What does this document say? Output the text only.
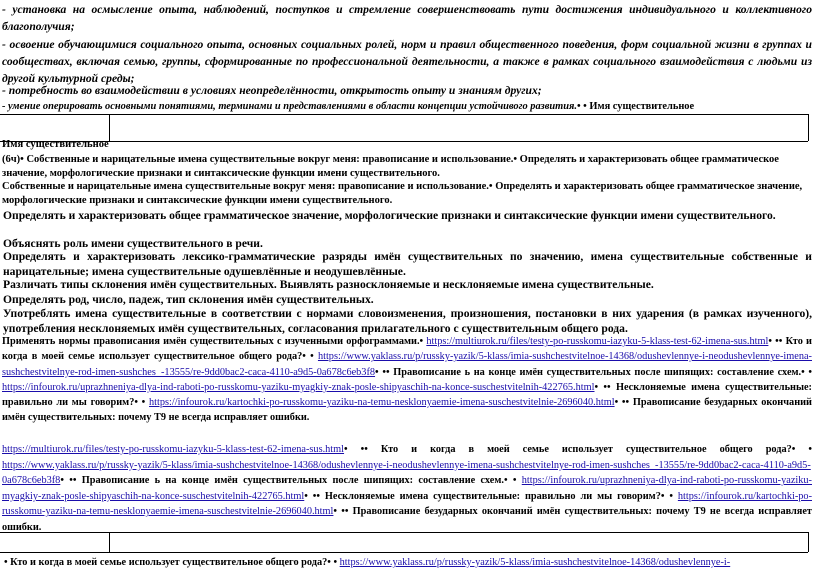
- установка на осмысление опыта, наблюдений, поступков и стремление совершенствовать пути достижения индивидуального и коллективного благополучия;
- освоение обучающимися социального опыта, основных социальных ролей, норм и правил общественного поведения, форм социальной жизни в группах и сообществах, включая семью, группы, сформированные по профессиональной деятельности, а также в рамках социального взаимодействия с людьми из другой культурной среды;
- потребность во взаимодействии в условиях неопределённости, открытость опыту и знаниям других;
- умение оперировать основными понятиями, терминами и представлениями в области концепции устойчивого развития.• • Имя существительное
Имя существительное
(6ч)• Собственные и нарицательные имена существительные вокруг меня: правописание и использование.• Определять и характеризовать общее грамматическое значение, морфологические признаки и синтаксические функции имени существительного.
Собственные и нарицательные имена существительные вокруг меня: правописание и использование.• Определять и характеризовать общее грамматическое значение, морфологические признаки и синтаксические функции имени существительного.
Определять и характеризовать общее грамматическое значение, морфологические признаки и синтаксические функции имени существительного.
Объяснять роль имени существительного в речи.
Определять и характеризовать лексико-грамматические разряды имён существительных по значению, имена существительные собственные и нарицательные; имена существительные одушевлённые и неодушевлённые.
Различать типы склонения имён существительных. Выявлять разносклоняемые и несклоняемые имена существительные.
Определять род, число, падеж, тип склонения имён существительных.
Употреблять имена существительные в соответствии с нормами словоизменения, произношения, постановки в них ударения (в рамках изученного), употребления несклоняемых имён существительных, согласования прилагательного с существительным общего рода.
Применять нормы правописания имён существительных с изученными орфограммами.• https://multiurok.ru/files/testy-po-russkomu-iazyku-5-klass-test-62-imena-sus.html• •• Кто и когда в моей семье использует существительное общего рода?• • https://www.yaklass.ru/p/russky-yazik/5-klass/imia-sushchestvitelnoe-14368/odushevlennye-i-neodushevlennye-imena-sushchestvitelnye-rod-imen-sushches_-13555/re-9dd0bac2-caca-4110-a9d5-0a678c6eb3f8• •• Правописание ь на конце имён существительных после шипящих: составление схем.• • https://infourok.ru/uprazhneniya-dlya-ind-raboti-po-russkomu-yaziku-myagkiy-znak-posle-shipyaschih-na-konce-suschestvitelnih-422765.html• •• Несклоняемые имена существительные: правильно ли мы говорим?• • https://infourok.ru/kartochki-po-russkomu-yaziku-na-temu-nesklonyaemie-imena-suschestvitelnie-2696040.html• •• Правописание безударных окончаний имён существительных: почему Т9 не всегда исправляет ошибки.
https://multiurok.ru/files/testy-po-russkomu-iazyku-5-klass-test-62-imena-sus.html• •• Кто и когда в моей семье использует существительное общего рода?• • https://www.yaklass.ru/p/russky-yazik/5-klass/imia-sushchestvitelnoe-14368/odushevlennye-i-neodushevlennye-imena-sushchestvitelnye-rod-imen-sushches_-13555/re-9dd0bac2-caca-4110-a9d5-0a678c6eb3f8• •• Правописание ь на конце имён существительных после шипящих: составление схем.• • https://infourok.ru/uprazhneniya-dlya-ind-raboti-po-russkomu-yaziku-myagkiy-znak-posle-shipyaschih-na-konce-suschestvitelnih-422765.html• •• Несклоняемые имена существительные: правильно ли мы говорим?• • https://infourok.ru/kartochki-po-russkomu-yaziku-na-temu-nesklonyaemie-imena-suschestvitelnie-2696040.html• •• Правописание безударных окончаний имён существительных: почему Т9 не всегда исправляет ошибки.
• Кто и когда в моей семье использует существительное общего рода?• • https://www.yaklass.ru/p/russky-yazik/5-klass/imia-sushchestvitelnoe-14368/odushevlennye-i-
